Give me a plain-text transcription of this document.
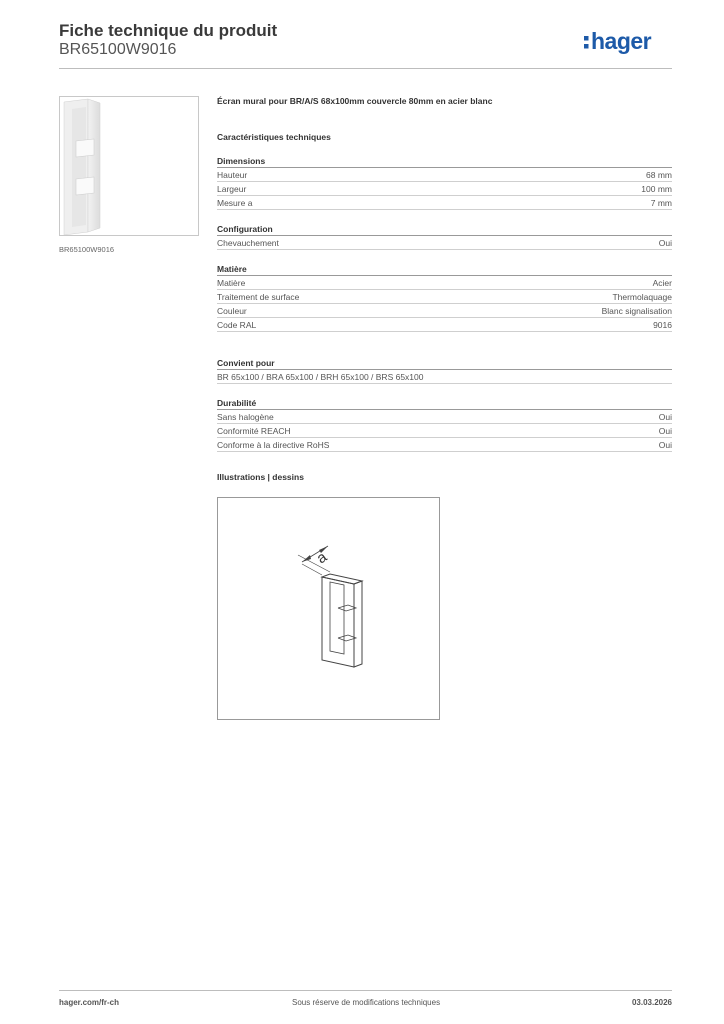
Fiche technique du produit
BR65100W9016	hager
BR65100W9016
Écran mural pour BR/A/S 68x100mm couvercle 80mm en acier blanc
Caractéristiques techniques
Dimensions
Hauteur	68 mm
Largeur	100 mm
Mesure a	7 mm
Configuration
Chevauchement	Oui
Matière
Matière	Acier
Traitement de surface	Thermolaquage
Couleur	Blanc signalisation
Code RAL	9016
Convient pour
BR 65x100 / BRA 65x100 / BRH 65x100 / BRS 65x100
Durabilité
Sans halogène	Oui
Conformité REACH	Oui
Conforme à la directive RoHS	Oui
Illustrations | dessins
a
hager.com/fr-ch	Sous réserve de modifications techniques	03.03.2026
